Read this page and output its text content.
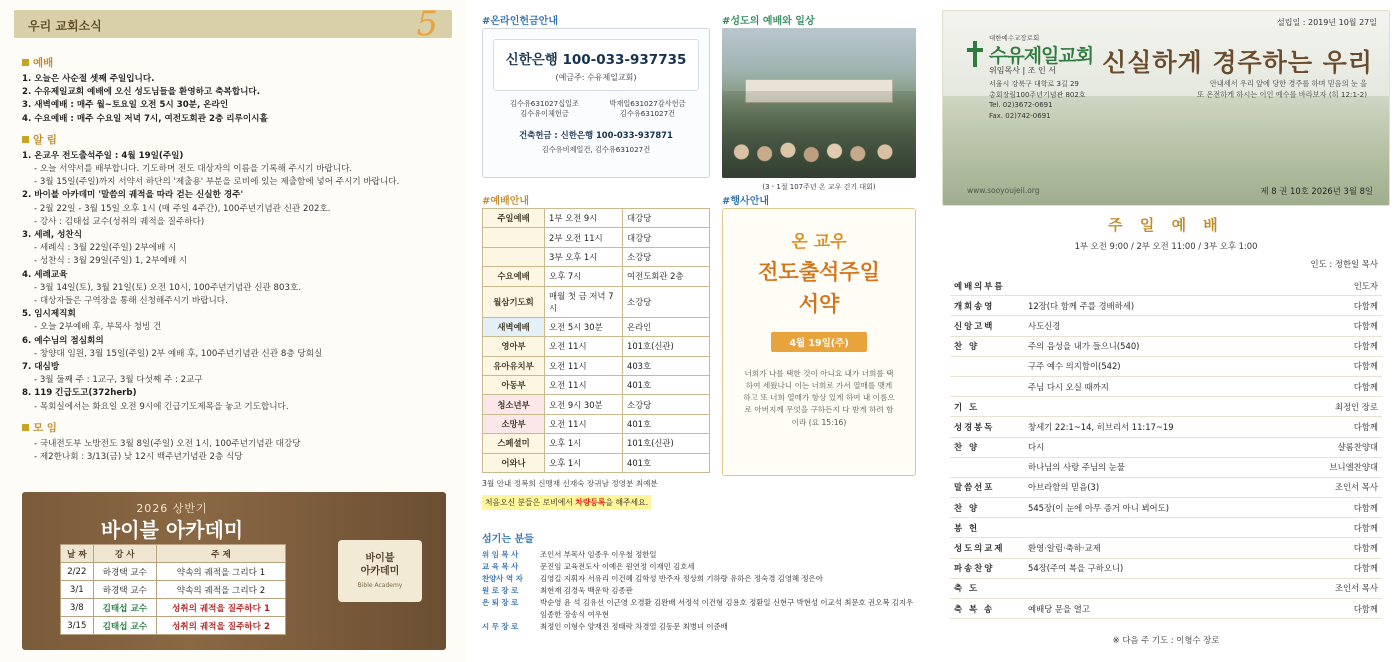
우리 교회소식	5
예배
1. 오늘은 사순절 셋째 주일입니다.
2. 수유제일교회 예배에 오신 성도님들을 환영하고 축복합니다.
3. 새벽예배 : 매주 월~토요일 오전 5시 30분, 온라인
4. 수요예배 : 매주 수요일 저녁 7시, 여전도회관 2층 리루이시홀
알 림
1. 온교우 전도출석주일 : 4월 19일(주일)
- 오늘 서약서를 배부합니다. 기도하며 전도 대상자의 이름을 기록해 주시기 바랍니다.
- 3월 15일(주일)까지 서약서 하단의 '제출용' 부분을 로비에 있는 제출함에 넣어 주시기 바랍니다.
2. 바이블 아카데미 '말씀의 궤적을 따라 걷는 신실한 경주'
- 2월 22일 - 3월 15일 오후 1시 (매 주일 4주간), 100주년기념관 신관 202호.
- 강사 : 김태섭 교수(성취의 궤적을 질주하다)
3. 세례, 성찬식
- 세례식 : 3월 22일(주일) 2부에배 시
- 성찬식 : 3월 29일(주일) 1, 2부예배 시
4. 세례교육
- 3월 14일(토), 3월 21일(토) 오전 10시, 100주년기념관 신관 803호.
- 대상자들은 구역장을 통해 신청해주시기 바랍니다.
5. 임시제직회
- 오늘 2부예배 후, 부목사 청빙 건
6. 예수님의 점심회의
- 창양대 임원, 3월 15일(주일) 2부 예배 후, 100주년기념관 신관 8층 당회실
7. 대심방
- 3월 둘째 주 : 1교구, 3월 다섯째 주 : 2교구
8. 119 긴급도고(372herb)
- 목회실에서는 화요일 오전 9시에 긴급기도제목을 놓고 기도합니다.
모 임
- 국내전도부 노방전도 3월 8일(주일) 오전 1시, 100주년기념관 대강당
- 제2한나회 : 3/13(금) 낮 12시 백주년기념관 2층 식당
2026 상반기
바이블 아카데미
날 짜	강 사	주 제
2/22	하경택 교수	약속의 궤적을 그리다 1
3/1	하경택 교수	약속의 궤적을 그리다 2
3/8	김태섭 교수	성취의 궤적을 질주하다 1
3/15	김태섭 교수	성취의 궤적을 질주하다 2
바이블
아카데미
Bible Academy
#온라인헌금안내
신한은행 100-033-937735
(예금주: 수유제일교회)
김수유631027십일조
김수유이체헌금
박재일631027감사헌금
김수유631027건
건축헌금 : 신한은행 100-033-937871
김수유비제일건, 김수유631027건
#성도의 예배와 일상
(3ㆍ1절 107주년 온 교우 걷기 대회)
#예배안내
주일예배	1부 오전 9시	대강당
	2부 오전 11시	대강당
	3부 오후 1시	소강당
수요예배	오후 7시	여전도회관 2층
월삼기도회	매월 첫 금 저녁 7시	소강당
새벽예배	오전 5시 30분	온라인
영아부	오전 11시	101호(신관)
유아유치부	오전 11시	403호
아동부	오전 11시	401호
청소년부	오전 9시 30분	소강당
소망부	오전 11시	401호
스페셜미	오후 1시	101호(신관)
어와나	오후 1시	401호
3월 안내 정복희 신맹재 신재숙 장귀남 정영분 최예분
처음오신 분들은 로비에서 차량등록을 해주세요.
#행사안내
온 교우
전도출석주일
서약
4월 19일(주)
너희가 나를 택한 것이 아니요 내가 너희를 택하여 세웠나니 이는 너희로 가서 열매를 맺게 하고 또 너희 열매가 항상 있게 하여 내 이름으로 아버지께 무엇을 구하든지 다 받게 하려 함이라 (요 15:16)
섬기는 분들
위 임 목 사	조인서 부목사 임종우 이우철 정한일
교 육 목 사	문진임 교육전도사 이예은 원연정 이재민 김호세
찬양사 역 자	김영길 지휘자 서유리 이건혜 김학성 반주자 정상희 기하랑 유하은 정숙경 김영혜 정은아
원 로 장 로	최현재 김경욱 백운학 김종판
은 퇴 장 로	박순영 윤 석 김유선 이근영 오경환 김완배 서정석 이건형 김용호 정환일 신현구 박현성 이교석 최문호 권오복 김지우 임종한 장송식 여우현
시 무 장 로	최정인 이형수 양재진 정태락 차경열 김동문 최병녀 이준배
설립일 : 2019년 10월 27일
대한예수교장로회
수유제일교회
위임목사 | 조 인 서
서울시 강북구 대학로 3길 29
총회장림100주년기념관 802호
Tel. 02)3672-0691
Fax. 02)742-0691
신실하게 경주하는 우리
안내세서 우리 앞에 당한 경주를 하며 믿음의 눈 을
또 온전하게 하시는 이인 예수를 바라보자 (히 12:1-2)
www.sooyoujeil.org	제 8 권 10호 2026년 3월 8일
주 일 예 배
1부 오전 9:00 / 2부 오전 11:00 / 3부 오후 1:00
인도 : 정한일 목사
예배의부름		인도자
개회송영	12장(다 함께 주를 경배하세)	다함께
신앙고백	사도신경	다함께
찬 양	주의 음성을 내가 들으니(540)	다함께
	구주 예수 의지함이(542)	다함께
	주님 다시 오실 때까지	다함께
기 도		최정인 장로
성경봉독	창세기 22:1~14, 히브리서 11:17~19	다함께
찬 양	다시	샬롬찬양대
	하나님의 사랑 주님의 눈물	브니엘찬양대
말씀선포	아브라함의 믿음(3)	조인서 목사
찬 양	545장(이 눈에 아무 증거 아니 뵈어도)	다함께
봉 헌		다함께
성도의교제	환영·알림·축하·교제	다함께
파송찬양	54장(주여 복을 구하오니)	다함께
축 도		조인서 목사
축 복 송	예배당 문을 열고	다함께
※ 다음 주 기도 : 이형수 장로
